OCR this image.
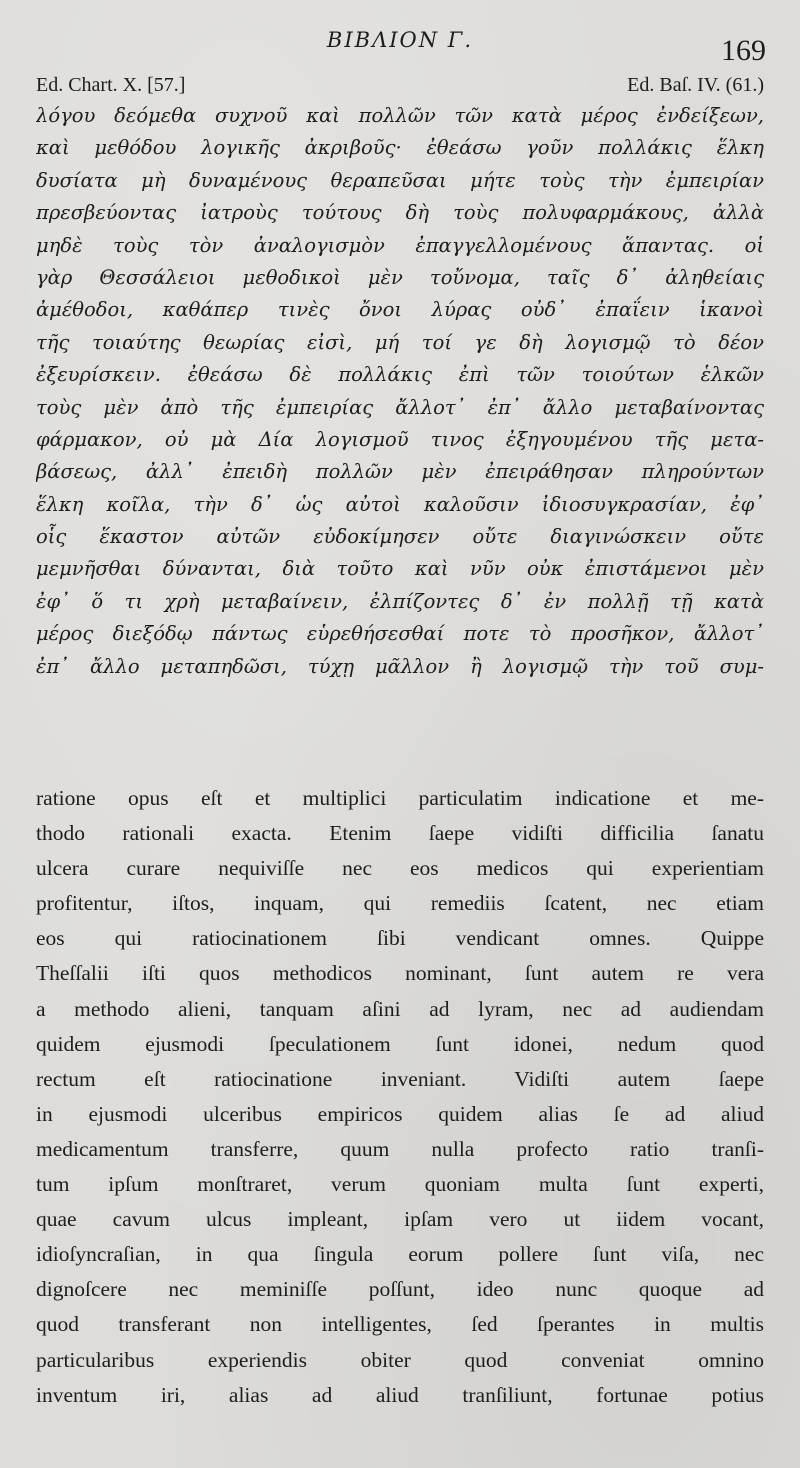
BIBΛΙΟΝ Γ.	169
Ed. Chart. X. [57.]	Ed. Baſ. IV. (61.)
λόγου δεόμεθα συχνοῦ καὶ πολλῶν τῶν κατὰ μέρος ἐνδείξεων,
καὶ μεθόδου λογικῆς ἀκριβοῦς· ἐθεάσω γοῦν πολλάκις ἕλκη
δυσίατα μὴ δυναμένους θεραπεῦσαι μήτε τοὺς τὴν ἐμπειρίαν
πρεσβεύοντας ἰατροὺς τούτους δὴ τοὺς πολυφαρμάκους, ἀλλὰ
μηδὲ τοὺς τὸν ἀναλογισμὸν ἐπαγγελλομένους ἅπαντας. οἱ
γὰρ Θεσσάλειοι μεθοδικοὶ μὲν τοὔνομα, ταῖς δ᾽ ἀληθείαις
ἀμέθοδοι, καθάπερ τινὲς ὄνοι λύρας οὐδ᾽ ἐπαΐειν ἱκανοὶ
τῆς τοιαύτης θεωρίας εἰσὶ, μή τοί γε δὴ λογισμῷ τὸ δέον
ἐξευρίσκειν. ἐθεάσω δὲ πολλάκις ἐπὶ τῶν τοιούτων ἑλκῶν
τοὺς μὲν ἀπὸ τῆς ἐμπειρίας ἄλλοτ᾽ ἐπ᾽ ἄλλο μεταβαίνοντας
φάρμακον, οὐ μὰ Δία λογισμοῦ τινος ἐξηγουμένου τῆς μετα-
βάσεως, ἀλλ᾽ ἐπειδὴ πολλῶν μὲν ἐπειράθησαν πληρούντων
ἕλκη κοῖλα, τὴν δ᾽ ὡς αὐτοὶ καλοῦσιν ἰδιοσυγκρασίαν, ἐφ᾽
οἷς ἕκαστον αὐτῶν εὐδοκίμησεν οὔτε διαγινώσκειν οὔτε
μεμνῆσθαι δύνανται, διὰ τοῦτο καὶ νῦν οὐκ ἐπιστάμενοι μὲν
ἐφ᾽ ὅ τι χρὴ μεταβαίνειν, ἐλπίζοντες δ᾽ ἐν πολλῇ τῇ κατὰ
μέρος διεξόδῳ πάντως εὑρεθήσεσθαί ποτε τὸ προσῆκον, ἄλλοτ᾽
ἐπ᾽ ἄλλο μεταπηδῶσι, τύχῃ μᾶλλον ἢ λογισμῷ τὴν τοῦ συμ-
ratione opus eſt et multiplici particulatim indicatione et me-
thodo rationali exacta. Etenim ſaepe vidiſti difficilia ſanatu
ulcera curare nequiviſſe nec eos medicos qui experientiam
profitentur, iſtos, inquam, qui remediis ſcatent, nec etiam
eos qui ratiocinationem ſibi vendicant omnes. Quippe
Theſſalii iſti quos methodicos nominant, ſunt autem re vera
a methodo alieni, tanquam aſini ad lyram, nec ad audiendam
quidem ejusmodi ſpeculationem ſunt idonei, nedum quod
rectum eſt ratiocinatione inveniant. Vidiſti autem ſaepe
in ejusmodi ulceribus empiricos quidem alias ſe ad aliud
medicamentum transferre, quum nulla profecto ratio tranſi-
tum ipſum monſtraret, verum quoniam multa ſunt experti,
quae cavum ulcus impleant, ipſam vero ut iidem vocant,
idioſyncraſian, in qua ſingula eorum pollere ſunt viſa, nec
dignoſcere nec meminiſſe poſſunt, ideo nunc quoque ad
quod transferant non intelligentes, ſed ſperantes in multis
particularibus experiendis obiter quod conveniat omnino
inventum iri, alias ad aliud tranſiliunt, fortunae potius
